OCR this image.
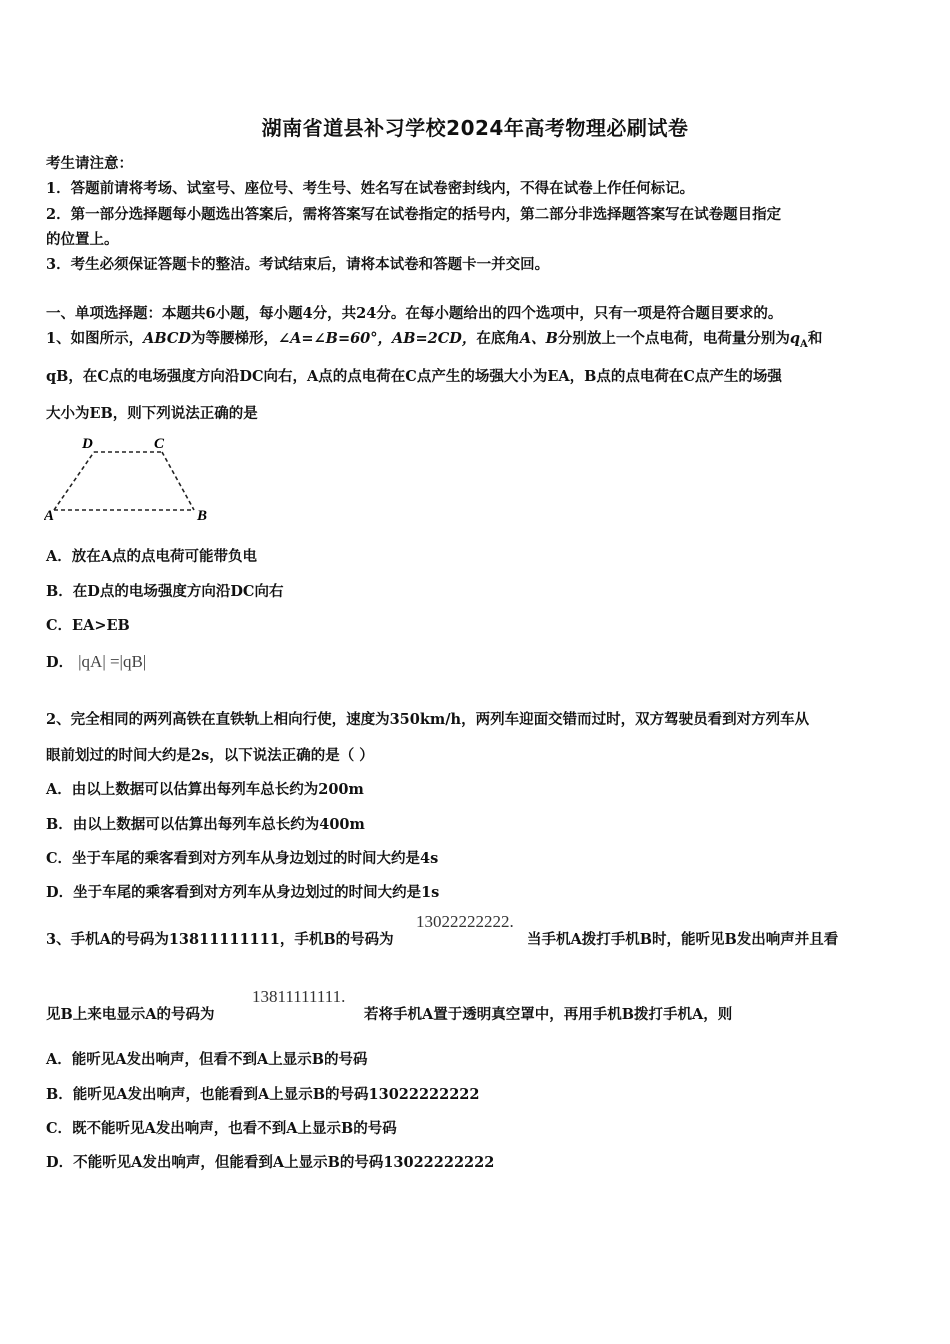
湖南省道县补习学校2024年高考物理必刷试卷
考生请注意：
1．答题前请将考场、试室号、座位号、考生号、姓名写在试卷密封线内，不得在试卷上作任何标记。
2．第一部分选择题每小题选出答案后，需将答案写在试卷指定的括号内，第二部分非选择题答案写在试卷题目指定
的位置上。
3．考生必须保证答题卡的整洁。考试结束后，请将本试卷和答题卡一并交回。
一、单项选择题：本题共6小题，每小题4分，共24分。在每小题给出的四个选项中，只有一项是符合题目要求的。
1、如图所示，ABCD为等腰梯形，∠A=∠B=60°，AB=2CD，在底角A、B分别放上一个点电荷，电荷量分别为$q_A$和
qB，在C点的电场强度方向沿DC向右，A点的点电荷在C点产生的场强大小为EA，B点的点电荷在C点产生的场强
大小为EB，则下列说法正确的是
A	B
D	C
A．放在A点的点电荷可能带负电
B．在D点的电场强度方向沿DC向右
C．EA>EB
D． |qA| =|qB|
2、完全相同的两列高铁在直铁轨上相向行使，速度为350km/h，两列车迎面交错而过时，双方驾驶员看到对方列车从
眼前划过的时间大约是2s，以下说法正确的是（ ）
A．由以上数据可以估算出每列车总长约为200m
B．由以上数据可以估算出每列车总长约为400m
C．坐于车尾的乘客看到对方列车从身边划过的时间大约是4s
D．坐于车尾的乘客看到对方列车从身边划过的时间大约是1s
3、手机A的号码为13811111111，手机B的号码为
13022222222.
当手机A拨打手机B时，能听见B发出响声并且看
见B上来电显示A的号码为
13811111111.
若将手机A置于透明真空罩中，再用手机B拨打手机A，则
A．能听见A发出响声，但看不到A上显示B的号码
B．能听见A发出响声，也能看到A上显示B的号码13022222222
C．既不能听见A发出响声，也看不到A上显示B的号码
D．不能听见A发出响声，但能看到A上显示B的号码13022222222
